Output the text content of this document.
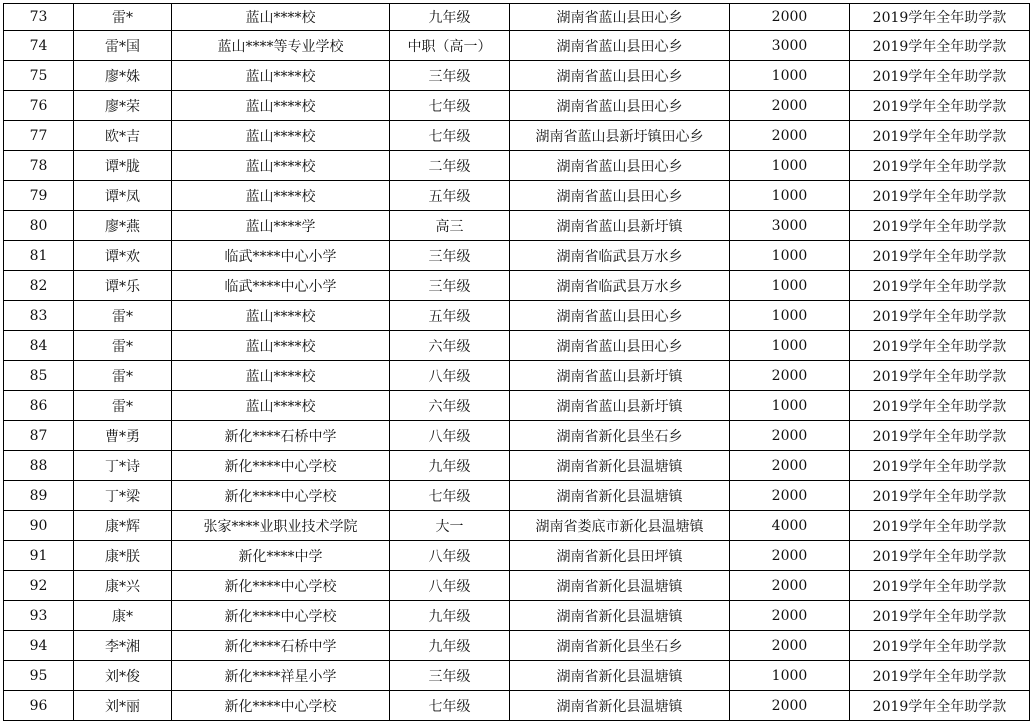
73	雷*	蓝山****校	九年级	湖南省蓝山县田心乡	2000	2019学年全年助学款
74	雷*国	蓝山****等专业学校	中职（高一）	湖南省蓝山县田心乡	3000	2019学年全年助学款
75	廖*姝	蓝山****校	三年级	湖南省蓝山县田心乡	1000	2019学年全年助学款
76	廖*荣	蓝山****校	七年级	湖南省蓝山县田心乡	2000	2019学年全年助学款
77	欧*吉	蓝山****校	七年级	湖南省蓝山县新圩镇田心乡	2000	2019学年全年助学款
78	谭*胧	蓝山****校	二年级	湖南省蓝山县田心乡	1000	2019学年全年助学款
79	谭*凤	蓝山****校	五年级	湖南省蓝山县田心乡	1000	2019学年全年助学款
80	廖*燕	蓝山****学	高三	湖南省蓝山县新圩镇	3000	2019学年全年助学款
81	谭*欢	临武****中心小学	三年级	湖南省临武县万水乡	1000	2019学年全年助学款
82	谭*乐	临武****中心小学	三年级	湖南省临武县万水乡	1000	2019学年全年助学款
83	雷*	蓝山****校	五年级	湖南省蓝山县田心乡	1000	2019学年全年助学款
84	雷*	蓝山****校	六年级	湖南省蓝山县田心乡	1000	2019学年全年助学款
85	雷*	蓝山****校	八年级	湖南省蓝山县新圩镇	2000	2019学年全年助学款
86	雷*	蓝山****校	六年级	湖南省蓝山县新圩镇	1000	2019学年全年助学款
87	曹*勇	新化****石桥中学	八年级	湖南省新化县坐石乡	2000	2019学年全年助学款
88	丁*诗	新化****中心学校	九年级	湖南省新化县温塘镇	2000	2019学年全年助学款
89	丁*梁	新化****中心学校	七年级	湖南省新化县温塘镇	2000	2019学年全年助学款
90	康*辉	张家****业职业技术学院	大一	湖南省娄底市新化县温塘镇	4000	2019学年全年助学款
91	康*朕	新化****中学	八年级	湖南省新化县田坪镇	2000	2019学年全年助学款
92	康*兴	新化****中心学校	八年级	湖南省新化县温塘镇	2000	2019学年全年助学款
93	康*	新化****中心学校	九年级	湖南省新化县温塘镇	2000	2019学年全年助学款
94	李*湘	新化****石桥中学	九年级	湖南省新化县坐石乡	2000	2019学年全年助学款
95	刘*俊	新化****祥星小学	三年级	湖南省新化县温塘镇	1000	2019学年全年助学款
96	刘*丽	新化****中心学校	七年级	湖南省新化县温塘镇	2000	2019学年全年助学款
